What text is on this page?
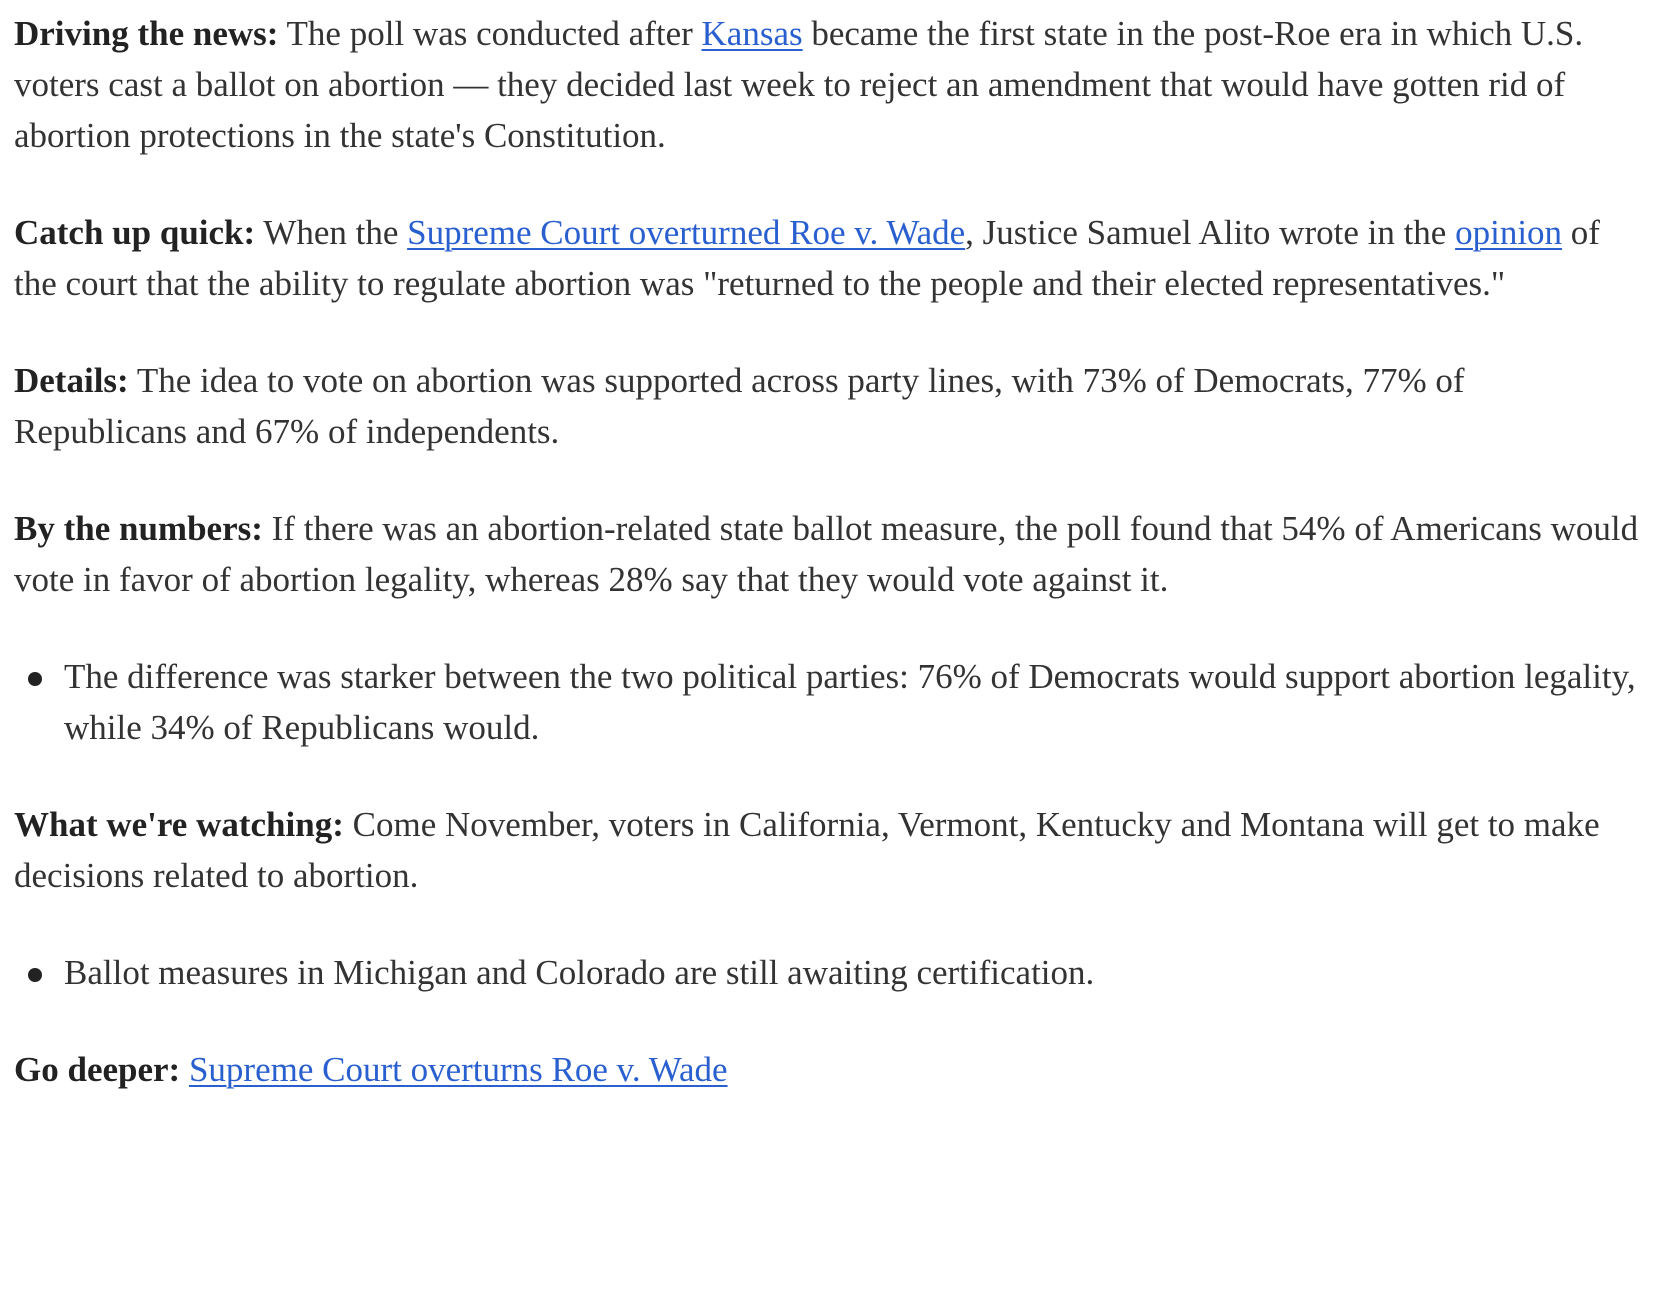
Driving the news: The poll was conducted after Kansas became the first state in the post-Roe era in which U.S. voters cast a ballot on abortion — they decided last week to reject an amendment that would have gotten rid of abortion protections in the state's Constitution.

Catch up quick: When the Supreme Court overturned Roe v. Wade, Justice Samuel Alito wrote in the opinion of the court that the ability to regulate abortion was "returned to the people and their elected representatives."

Details: The idea to vote on abortion was supported across party lines, with 73% of Democrats, 77% of Republicans and 67% of independents.

By the numbers: If there was an abortion-related state ballot measure, the poll found that 54% of Americans would vote in favor of abortion legality, whereas 28% say that they would vote against it.

The difference was starker between the two political parties: 76% of Democrats would support abortion legality, while 34% of Republicans would.

What we're watching: Come November, voters in California, Vermont, Kentucky and Montana will get to make decisions related to abortion.

Ballot measures in Michigan and Colorado are still awaiting certification.

Go deeper: Supreme Court overturns Roe v. Wade
